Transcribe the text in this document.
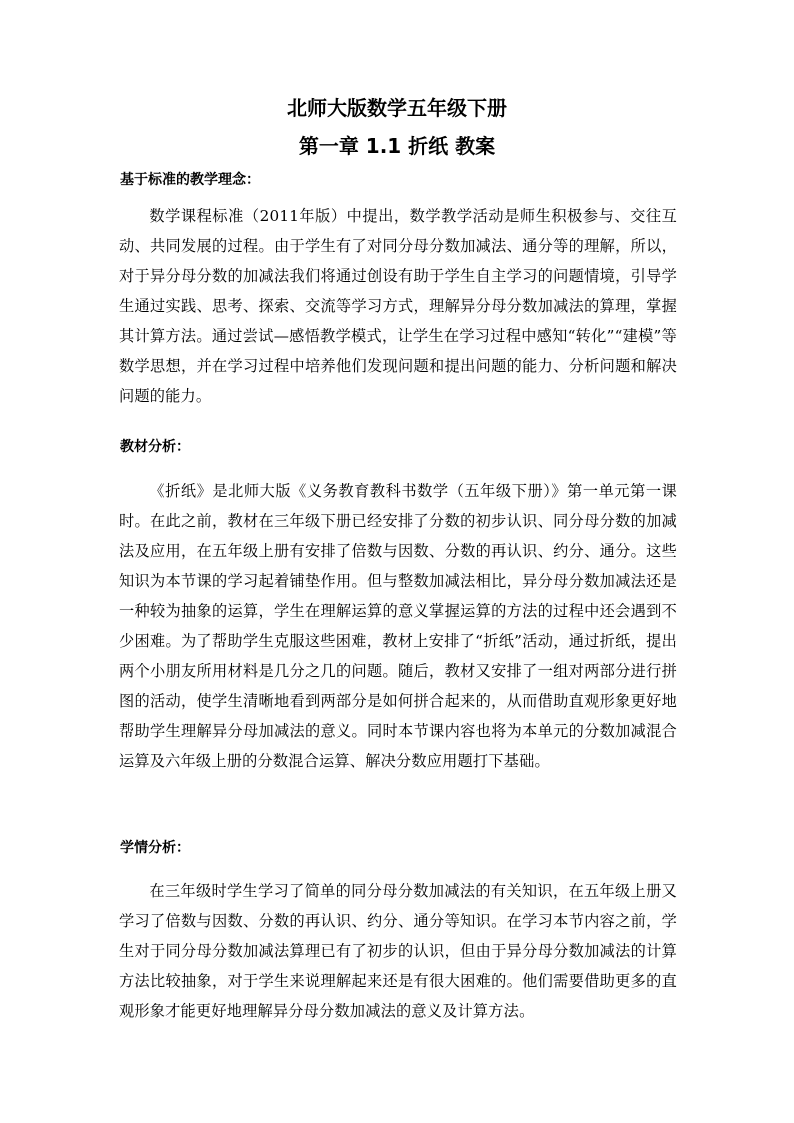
北师大版数学五年级下册
第一章 1.1 折纸 教案
基于标准的教学理念：

数学课程标准（2011年版）中提出，数学教学活动是师生积极参与、交往互动、共同发展的过程。由于学生有了对同分母分数加减法、通分等的理解，所以，对于异分母分数的加减法我们将通过创设有助于学生自主学习的问题情境，引导学生通过实践、思考、探索、交流等学习方式，理解异分母分数加减法的算理，掌握其计算方法。通过尝试—感悟教学模式，让学生在学习过程中感知“转化”“建模”等数学思想，并在学习过程中培养他们发现问题和提出问题的能力、分析问题和解决问题的能力。

教材分析：

《折纸》是北师大版《义务教育教科书数学（五年级下册）》第一单元第一课时。在此之前，教材在三年级下册已经安排了分数的初步认识、同分母分数的加减法及应用，在五年级上册有安排了倍数与因数、分数的再认识、约分、通分。这些知识为本节课的学习起着铺垫作用。但与整数加减法相比，异分母分数加减法还是一种较为抽象的运算，学生在理解运算的意义掌握运算的方法的过程中还会遇到不少困难。为了帮助学生克服这些困难，教材上安排了“折纸”活动，通过折纸，提出两个小朋友所用材料是几分之几的问题。随后，教材又安排了一组对两部分进行拼图的活动，使学生清晰地看到两部分是如何拼合起来的，从而借助直观形象更好地帮助学生理解异分母加减法的意义。同时本节课内容也将为本单元的分数加减混合运算及六年级上册的分数混合运算、解决分数应用题打下基础。

学情分析：

在三年级时学生学习了简单的同分母分数加减法的有关知识，在五年级上册又学习了倍数与因数、分数的再认识、约分、通分等知识。在学习本节内容之前，学生对于同分母分数加减法算理已有了初步的认识，但由于异分母分数加减法的计算方法比较抽象，对于学生来说理解起来还是有很大困难的。他们需要借助更多的直观形象才能更好地理解异分母分数加减法的意义及计算方法。
